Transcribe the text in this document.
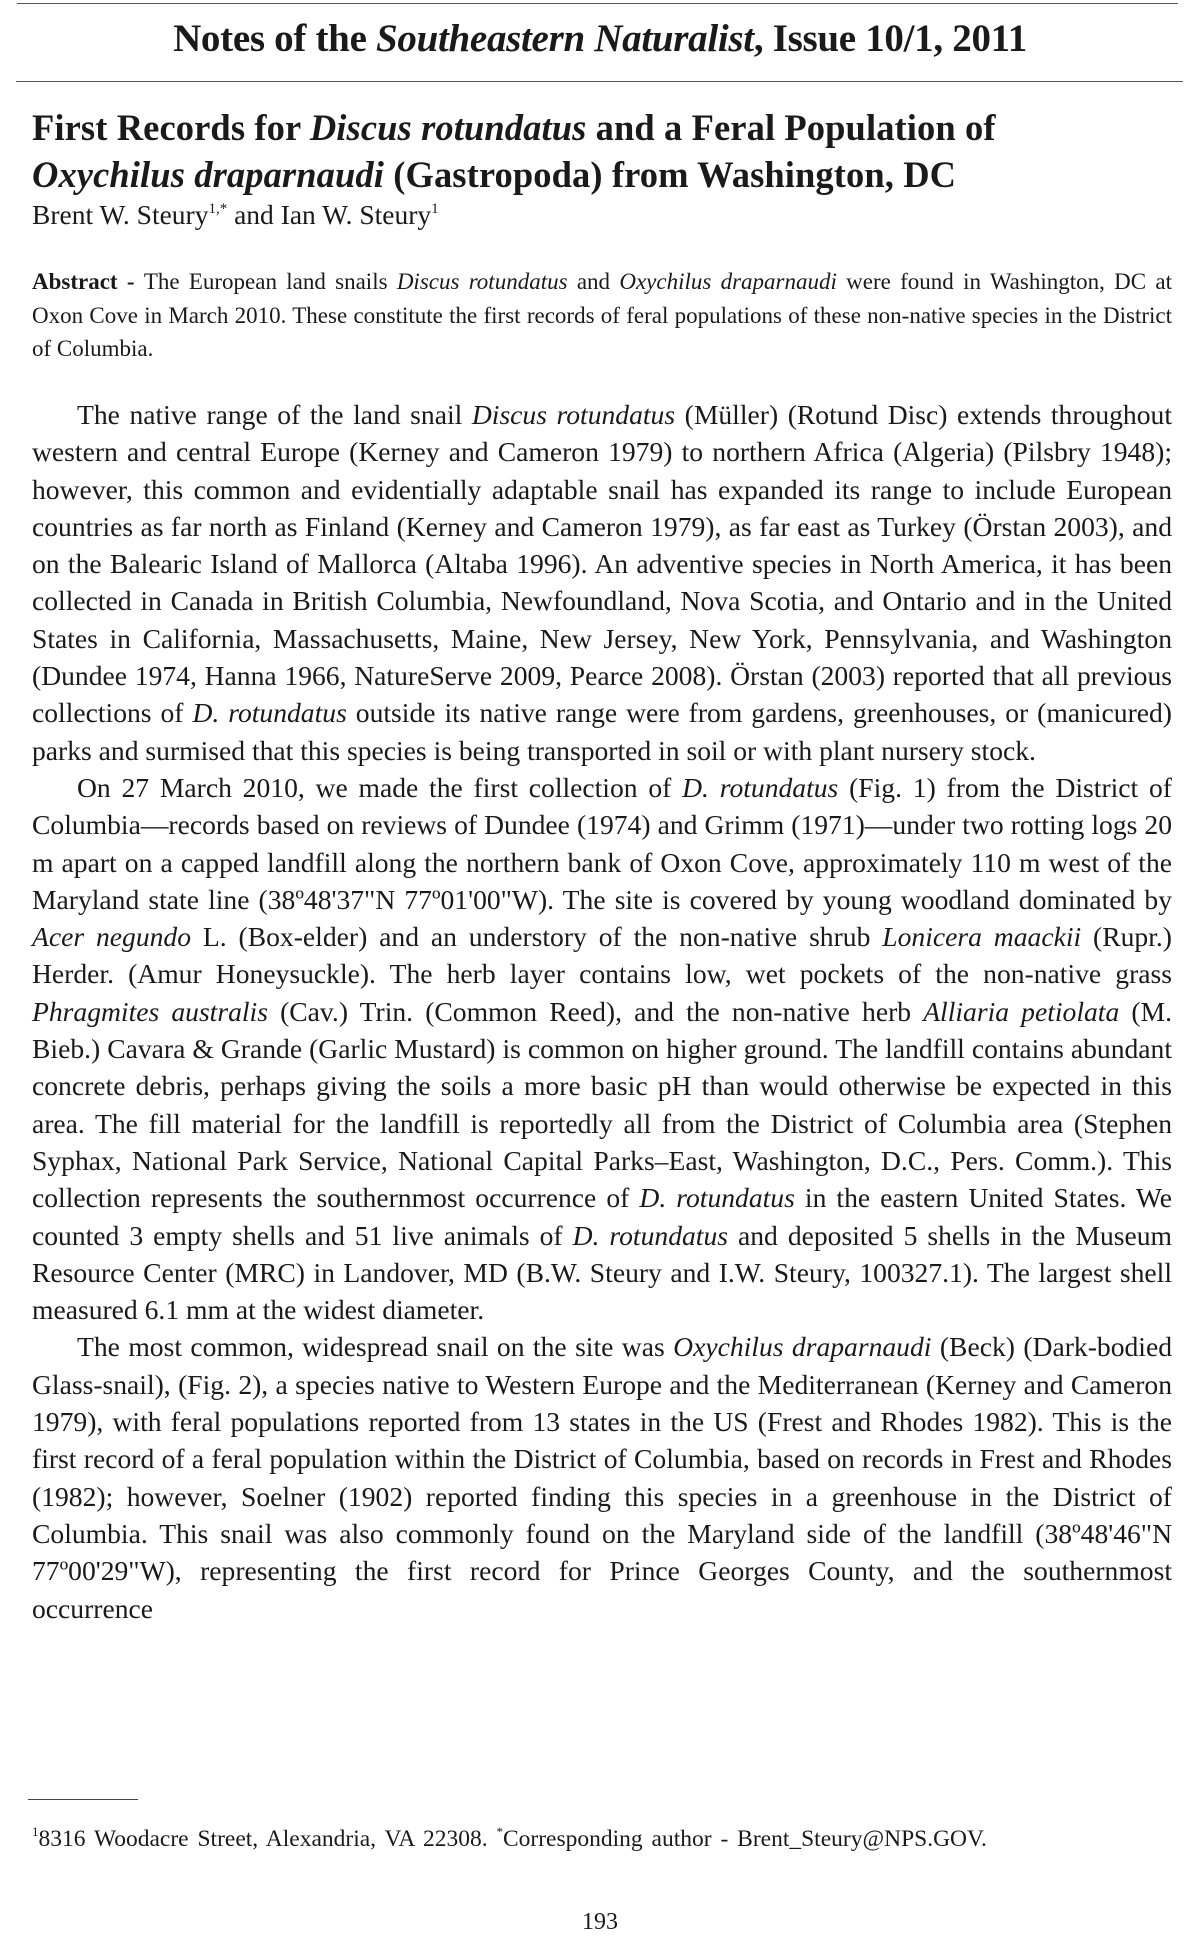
Notes of the Southeastern Naturalist, Issue 10/1, 2011
First Records for Discus rotundatus and a Feral Population of
Oxychilus draparnaudi (Gastropoda) from Washington, DC
Brent W. Steury$^{1,*}$ and Ian W. Steury$^1$
Abstract - The European land snails Discus rotundatus and Oxychilus draparnaudi were found in Washington, DC at Oxon Cove in March 2010. These constitute the first records of feral populations of these non-native species in the District of Columbia.

The native range of the land snail Discus rotundatus (Müller) (Rotund Disc) extends throughout western and central Europe (Kerney and Cameron 1979) to northern Africa (Algeria) (Pilsbry 1948); however, this common and evidentially adaptable snail has expanded its range to include European countries as far north as Finland (Kerney and Cameron 1979), as far east as Turkey (Örstan 2003), and on the Balearic Island of Mallorca (Altaba 1996). An adventive species in North America, it has been collected in Canada in British Columbia, Newfoundland, Nova Scotia, and Ontario and in the United States in California, Massachusetts, Maine, New Jersey, New York, Pennsylvania, and Washington (Dundee 1974, Hanna 1966, NatureServe 2009, Pearce 2008). Örstan (2003) reported that all previous collections of D. rotundatus outside its native range were from gardens, greenhouses, or (manicured) parks and surmised that this species is being transported in soil or with plant nursery stock.

On 27 March 2010, we made the first collection of D. rotundatus (Fig. 1) from the District of Columbia—records based on reviews of Dundee (1974) and Grimm (1971)—under two rotting logs 20 m apart on a capped landfill along the northern bank of Oxon Cove, approximately 110 m west of the Maryland state line (38º48'37"N 77º01'00"W). The site is covered by young woodland dominated by Acer negundo L. (Box-elder) and an understory of the non-native shrub Lonicera maackii (Rupr.) Herder. (Amur Honeysuckle). The herb layer contains low, wet pockets of the non-native grass Phragmites australis (Cav.) Trin. (Common Reed), and the non-native herb Alliaria petiolata (M. Bieb.) Cavara & Grande (Garlic Mustard) is common on higher ground. The landfill contains abundant concrete debris, perhaps giving the soils a more basic pH than would otherwise be expected in this area. The fill material for the landfill is reportedly all from the District of Columbia area (Stephen Syphax, National Park Service, National Capital Parks–East, Washington, D.C., Pers. Comm.). This collection represents the southernmost occurrence of D. rotundatus in the eastern United States. We counted 3 empty shells and 51 live animals of D. rotundatus and deposited 5 shells in the Museum Resource Center (MRC) in Landover, MD (B.W. Steury and I.W. Steury, 100327.1). The largest shell measured 6.1 mm at the widest diameter.

The most common, widespread snail on the site was Oxychilus draparnaudi (Beck) (Dark-bodied Glass-snail), (Fig. 2), a species native to Western Europe and the Mediterranean (Kerney and Cameron 1979), with feral populations reported from 13 states in the US (Frest and Rhodes 1982). This is the first record of a feral population within the District of Columbia, based on records in Frest and Rhodes (1982); however, Soelner (1902) reported finding this species in a greenhouse in the District of Columbia. This snail was also commonly found on the Maryland side of the landfill (38º48'46"N 77º00'29"W), representing the first record for Prince Georges County, and the southernmost occurrence

$^1$8316 Woodacre Street, Alexandria, VA 22308. *Corresponding author - Brent_Steury@NPS.GOV.
193
